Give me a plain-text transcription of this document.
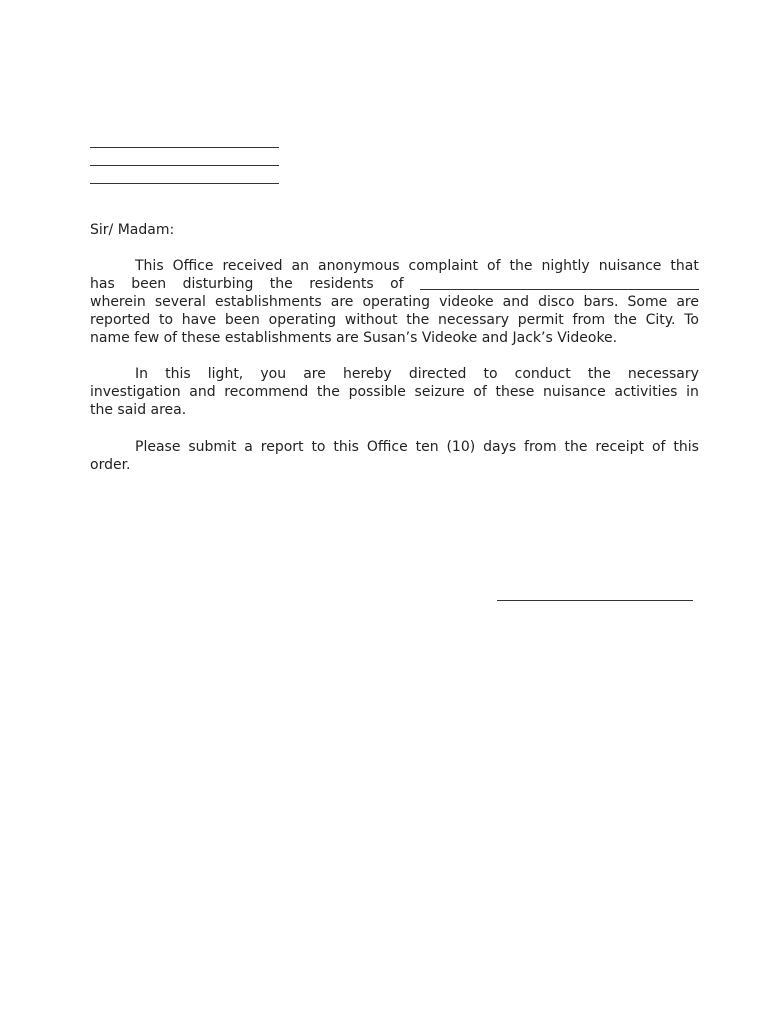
Sir/ Madam:
This Office received an anonymous complaint of the nightly nuisance that
has been disturbing the residents of
wherein several establishments are operating videoke and disco bars. Some are
reported to have been operating without the necessary permit from the City. To
name few of these establishments are Susan’s Videoke and Jack’s Videoke.
In this light, you are hereby directed to conduct the necessary
investigation and recommend the possible seizure of these nuisance activities in
the said area.
Please submit a report to this Office ten (10) days from the receipt of this
order.
